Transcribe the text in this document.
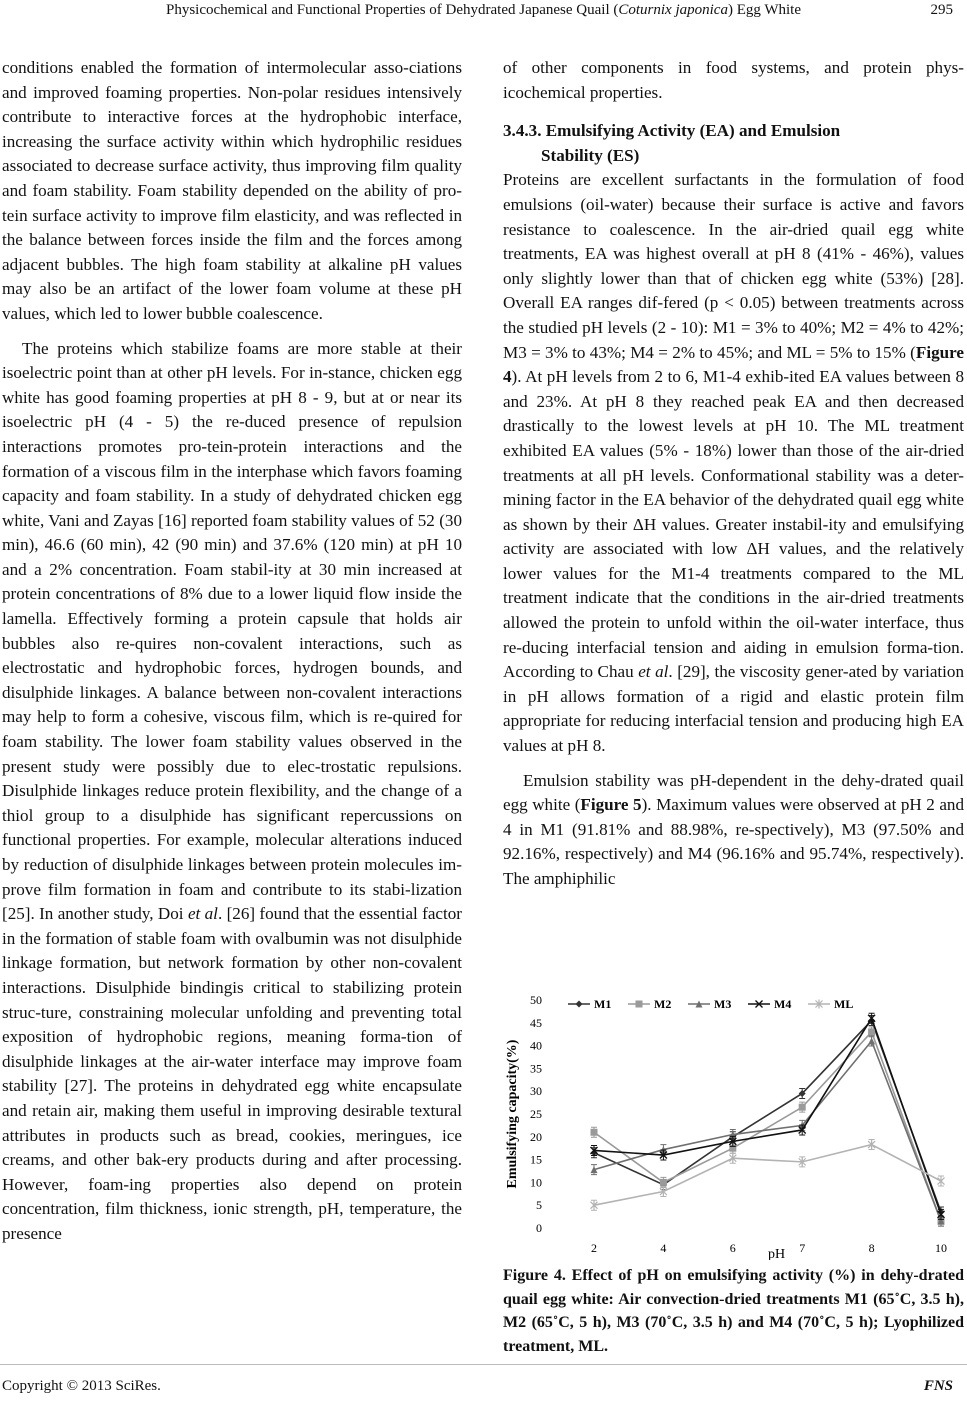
Physicochemical and Functional Properties of Dehydrated Japanese Quail (Coturnix japonica) Egg White	295

conditions enabled the formation of intermolecular asso-ciations and improved foaming properties. Non-polar residues intensively contribute to interactive forces at the hydrophobic interface, increasing the surface activity within which hydrophilic residues associated to decrease surface activity, thus improving film quality and foam stability. Foam stability depended on the ability of pro-tein surface activity to improve film elasticity, and was reflected in the balance between forces inside the film and the forces among adjacent bubbles. The high foam stability at alkaline pH values may also be an artifact of the lower foam volume at these pH values, which led to lower bubble coalescence.

The proteins which stabilize foams are more stable at their isoelectric point than at other pH levels. For in-stance, chicken egg white has good foaming properties at pH 8 - 9, but at or near its isoelectric pH (4 - 5) the re-duced presence of repulsion interactions promotes pro-tein-protein interactions and the formation of a viscous film in the interphase which favors foaming capacity and foam stability. In a study of dehydrated chicken egg white, Vani and Zayas [16] reported foam stability values of 52 (30 min), 46.6 (60 min), 42 (90 min) and 37.6% (120 min) at pH 10 and a 2% concentration. Foam stabil-ity at 30 min increased at protein concentrations of 8% due to a lower liquid flow inside the lamella. Effectively forming a protein capsule that holds air bubbles also re-quires non-covalent interactions, such as electrostatic and hydrophobic forces, hydrogen bounds, and disulphide linkages. A balance between non-covalent interactions may help to form a cohesive, viscous film, which is re-quired for foam stability. The lower foam stability values observed in the present study were possibly due to elec-trostatic repulsions. Disulphide linkages reduce protein flexibility, and the change of a thiol group to a disulphide has significant repercussions on functional properties. For example, molecular alterations induced by reduction of disulphide linkages between protein molecules im-prove film formation in foam and contribute to its stabi-lization [25]. In another study, Doi et al. [26] found that the essential factor in the formation of stable foam with ovalbumin was not disulphide linkage formation, but network formation by other non-covalent interactions. Disulphide bindingis critical to stabilizing protein struc-ture, constraining molecular unfolding and preventing total exposition of hydrophobic regions, meaning forma-tion of disulphide linkages at the air-water interface may improve foam stability [27]. The proteins in dehydrated egg white encapsulate and retain air, making them useful in improving desirable textural attributes in products such as bread, cookies, meringues, ice creams, and other bak-ery products during and after processing. However, foam-ing properties also depend on protein concentration, film thickness, ionic strength, pH, temperature, the presence

of other components in food systems, and protein phys-icochemical properties.

3.4.3. Emulsifying Activity (EA) and Emulsion
Stability (ES)

Proteins are excellent surfactants in the formulation of food emulsions (oil-water) because their surface is active and favors resistance to coalescence. In the air-dried quail egg white treatments, EA was highest overall at pH 8 (41% - 46%), values only slightly lower than that of chicken egg white (53%) [28]. Overall EA ranges dif-fered (p < 0.05) between treatments across the studied pH levels (2 - 10): M1 = 3% to 40%; M2 = 4% to 42%; M3 = 3% to 43%; M4 = 2% to 45%; and ML = 5% to 15% (Figure 4). At pH levels from 2 to 6, M1-4 exhib-ited EA values between 8 and 23%. At pH 8 they reached peak EA and then decreased drastically to the lowest levels at pH 10. The ML treatment exhibited EA values (5% - 18%) lower than those of the air-dried treatments at all pH levels. Conformational stability was a deter-mining factor in the EA behavior of the dehydrated quail egg white as shown by their ΔH values. Greater instabil-ity and emulsifying activity are associated with low ΔH values, and the relatively lower values for the M1-4 treatments compared to the ML treatment indicate that the conditions in the air-dried treatments allowed the protein to unfold within the oil-water interface, thus re-ducing interfacial tension and aiding in emulsion forma-tion. According to Chau et al. [29], the viscosity gener-ated by variation in pH allows formation of a rigid and elastic protein film appropriate for reducing interfacial tension and producing high EA values at pH 8.

Emulsion stability was pH-dependent in the dehy-drated quail egg white (Figure 5). Maximum values were observed at pH 2 and 4 in M1 (91.81% and 88.98%, re-spectively), M3 (97.50% and 92.16%, respectively) and M4 (96.16% and 95.74%, respectively). The amphiphilic

0
5
10
15
20
25
30
35
40
45
50
2	4	6	7	8	10
pH
Emulsifying capacity(%)
M1	M2	M3	M4	ML
Figure 4. Effect of pH on emulsifying activity (%) in dehy-drated quail egg white: Air convection-dried treatments M1 (65˚C, 3.5 h), M2 (65˚C, 5 h), M3 (70˚C, 3.5 h) and M4 (70˚C, 5 h); Lyophilized treatment, ML.
Copyright © 2013 SciRes.	FNS
